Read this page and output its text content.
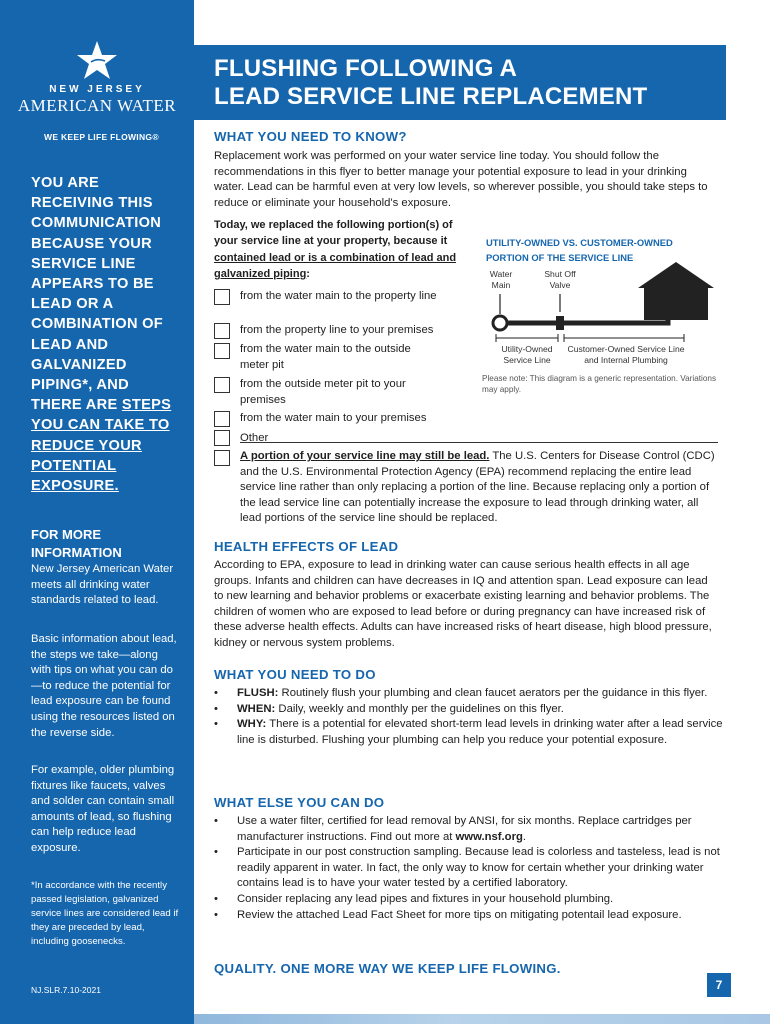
NEW JERSEY
AMERICAN WATER
WE KEEP LIFE FLOWING®
YOU ARE RECEIVING THIS COMMUNICATION BECAUSE YOUR SERVICE LINE APPEARS TO BE LEAD OR A COMBINATION OF LEAD AND GALVANIZED PIPING*, AND THERE ARE STEPS YOU CAN TAKE TO REDUCE YOUR POTENTIAL EXPOSURE.
FOR MORE INFORMATION
New Jersey American Water meets all drinking water standards related to lead.
Basic information about lead, the steps we take—along with tips on what you can do—to reduce the potential for lead exposure can be found using the resources listed on the reverse side.
For example, older plumbing fixtures like faucets, valves and solder can contain small amounts of lead, so flushing can help reduce lead exposure.
*In accordance with the recently passed legislation, galvanized service lines are considered lead if they are preceded by lead, including goosenecks.
NJ.SLR.7.10-2021
FLUSHING FOLLOWING A
LEAD SERVICE LINE REPLACEMENT
WHAT YOU NEED TO KNOW?
Replacement work was performed on your water service line today. You should follow the recommendations in this flyer to better manage your potential exposure to lead in your drinking water. Lead can be harmful even at very low levels, so wherever possible, you should take steps to reduce or eliminate your household's exposure.
Today, we replaced the following portion(s) of your service line at your property, because it contained lead or is a combination of lead and galvanized piping:
from the water main to the property line
from the property line to your premises
from the water main to the outside meter pit
from the outside meter pit to your premises
from the water main to your premises
Other
A portion of your service line may still be lead. The U.S. Centers for Disease Control (CDC) and the U.S. Environmental Protection Agency (EPA) recommend replacing the entire lead service line rather than only replacing a portion of the line. Because replacing only a portion of the lead service line can potentially increase the exposure to lead through drinking water, all lead portions of the service line should be replaced.
UTILITY-OWNED VS. CUSTOMER-OWNED PORTION OF THE SERVICE LINE
Water Main
Shut Off Valve
Utility-Owned Service Line
Customer-Owned Service Line and Internal Plumbing
Please note: This diagram is a generic representation. Variations may apply.
HEALTH EFFECTS OF LEAD
According to EPA, exposure to lead in drinking water can cause serious health effects in all age groups. Infants and children can have decreases in IQ and attention span. Lead exposure can lead to new learning and behavior problems or exacerbate existing learning and behavior problems. The children of women who are exposed to lead before or during pregnancy can have increased risk of these adverse health effects. Adults can have increased risks of heart disease, high blood pressure, kidney or nervous system problems.
WHAT YOU NEED TO DO
• FLUSH: Routinely flush your plumbing and clean faucet aerators per the guidance in this flyer.
• WHEN: Daily, weekly and monthly per the guidelines on this flyer.
• WHY: There is a potential for elevated short-term lead levels in drinking water after a lead service line is disturbed. Flushing your plumbing can help you reduce your potential exposure.
WHAT ELSE YOU CAN DO
• Use a water filter, certified for lead removal by ANSI, for six months. Replace cartridges per manufacturer instructions. Find out more at www.nsf.org.
• Participate in our post construction sampling. Because lead is colorless and tasteless, lead is not readily apparent in water. In fact, the only way to know for certain whether your drinking water contains lead is to have your water tested by a certified laboratory.
• Consider replacing any lead pipes and fixtures in your household plumbing.
• Review the attached Lead Fact Sheet for more tips on mitigating potentail lead exposure.
QUALITY. ONE MORE WAY WE KEEP LIFE FLOWING.
7
